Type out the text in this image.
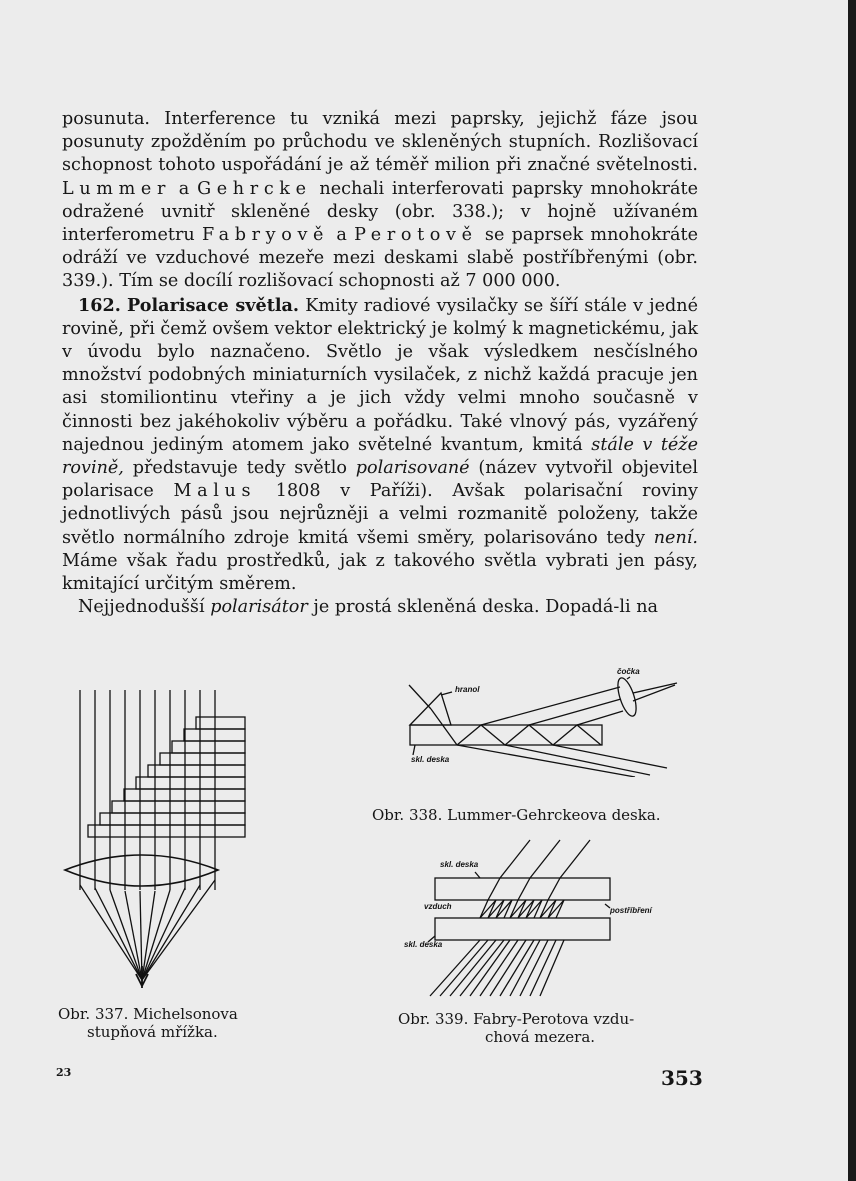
posunuta. Interference tu vzniká mezi paprsky, jejichž fáze jsou posunuty zpožděním po průchodu ve skleněných stupních. Rozlišovací schopnost tohoto uspořádání je až téměř milion při značné světelnosti. Lummer a Gehrcke nechali interferovati paprsky mnohokráte odražené uvnitř skleněné desky (obr. 338.); v hojně užívaném interferometru Fabryově a Perotově se paprsek mnohokráte odráží ve vzduchové mezeře mezi deskami slabě postříbřenými (obr. 339.). Tím se docílí rozlišovací schopnosti až 7 000 000.

162. Polarisace světla. Kmity radiové vysilačky se šíří stále v jedné rovině, při čemž ovšem vektor elektrický je kolmý k magnetickému, jak v úvodu bylo naznačeno. Světlo je však výsledkem nesčíslného množství podobných miniaturních vysilaček, z nichž každá pracuje jen asi stomiliontinu vteřiny a je jich vždy velmi mnoho současně v činnosti bez jakéhokoliv výběru a pořádku. Také vlnový pás, vyzářený najednou jediným atomem jako světelné kvantum, kmitá stále v téže rovině, představuje tedy světlo polarisované (název vytvořil objevitel polarisace Malus 1808 v Paříži). Avšak polarisační roviny jednotlivých pásů jsou nejrůzněji a velmi rozmanitě položeny, takže světlo normálního zdroje kmitá všemi směry, polarisováno tedy není. Máme však řadu prostředků, jak z takového světla vybrati jen pásy, kmitající určitým směrem.

Nejjednodušší polarisátor je prostá skleněná deska. Dopadá-li na

Obr. 337. Michelsonova
stupňová mřížka.
hranol
čočka
skl. deska
Obr. 338. Lummer-Gehrckeova deska.
skl. deska
vzduch	postříbření
skl. deska
Obr. 339. Fabry-Perotova vzdu-
chová mezera.
23	353
